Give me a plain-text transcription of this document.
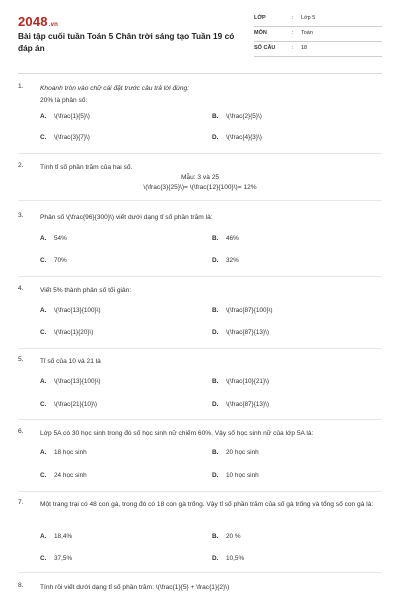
2048.vn
Bài tập cuối tuần Toán 5 Chân trời sáng tạo Tuần 19 có đáp án
LỚP	: Lớp 5
MÔN	: Toán
SỐ CÂU	: 18
1.	Khoanh tròn vào chữ cái đặt trước câu trả lời đúng:
20% là phân số:
A. \(\frac{1}{5}\)	B. \(\frac{2}{5}\)
C. \(\frac{3}{7}\)	D. \(\frac{4}{3}\)
2.	Tính tỉ số phần trăm của hai số.
Mẫu: 3 và 25
\(\frac{3}{25}\)= \(\frac{12}{100}\)= 12%
3.	Phân số \(\frac{96}{300}\) viết dưới dạng tỉ số phần trăm là:
A. 54%	B. 46%
C. 70%	D. 32%
4.	Viết 5% thành phân số tối giản:
A. \(\frac{13}{100}\)	B. \(\frac{87}{100}\)
C. \(\frac{1}{20}\)	D. \(\frac{87}{13}\)
5.	Tỉ số của 10 và 21 là
A. \(\frac{13}{100}\)	B. \(\frac{10}{21}\)
C. \(\frac{21}{10}\)	D. \(\frac{87}{13}\)
6.	Lớp 5A có 30 học sinh trong đó số học sinh nữ chiếm 60%. Vậy số học sinh nữ của lớp 5A là:
A. 18 học sinh	B. 20 học sinh
C. 24 học sinh	D. 10 học sinh
7.	Một trang trại có 48 con gà, trong đó có 18 con gà trống. Vậy tỉ số phần trăm của số gà trống và tổng số con gà là:
A. 18,4%	B. 20 %
C. 37,5%	D. 10,5%
8.	Tính rồi viết dưới dạng tỉ số phần trăm: \(\frac{1}{5} + \frac{1}{2}\)
